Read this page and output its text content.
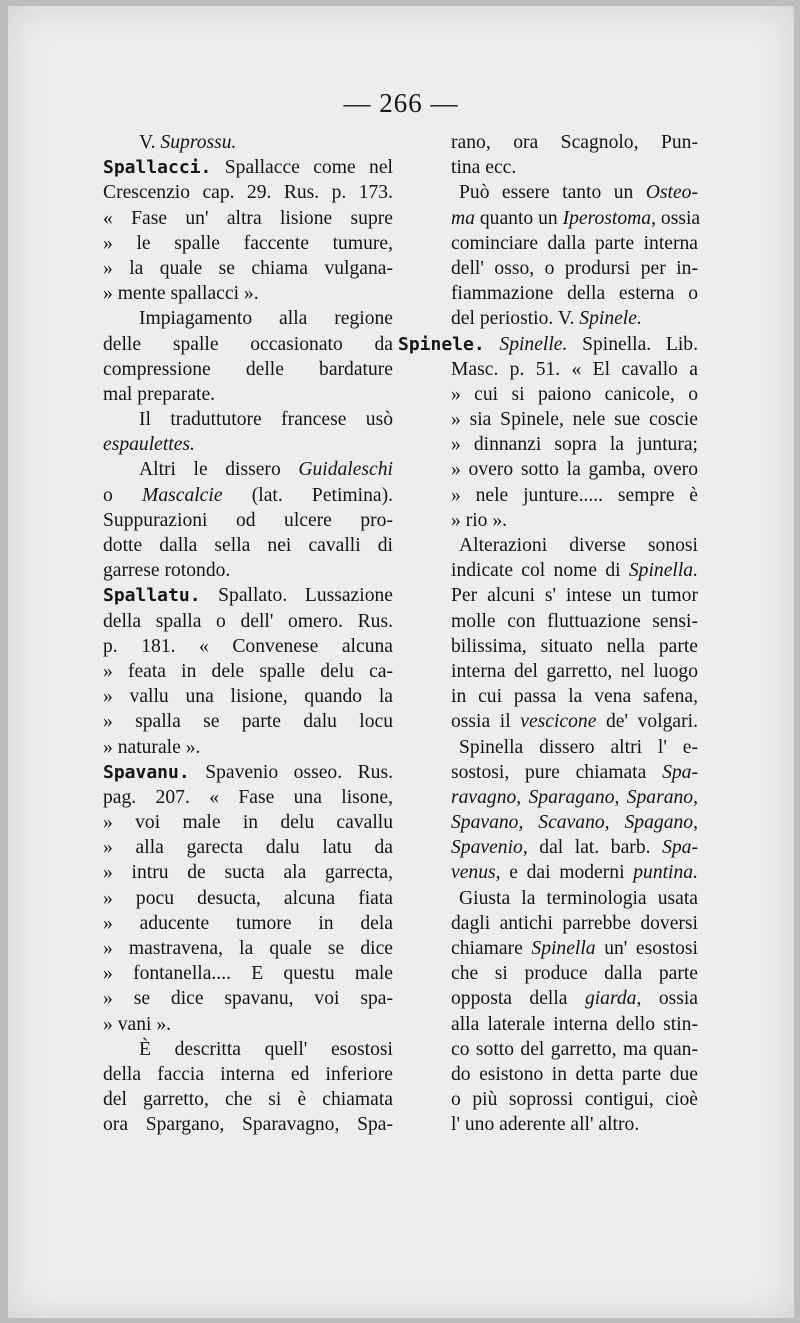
— 266 —
V. Suprossu.
Spallacci. Spallacce come nel
Crescenzio cap. 29. Rus. p. 173.
« Fase un' altra lisione supre
» le spalle faccente tumure,
» la quale se chiama vulgana-
» mente spallacci ».
Impiagamento alla regione
delle spalle occasionato da
compressione delle bardature
mal preparate.
Il traduttutore francese usò
espaulettes.
Altri le dissero Guidaleschi
o Mascalcie (lat. Petimina).
Suppurazioni od ulcere pro-
dotte dalla sella nei cavalli di
garrese rotondo.
Spallatu. Spallato. Lussazione
della spalla o dell' omero. Rus.
p. 181. « Convenese alcuna
» feata in dele spalle delu ca-
» vallu una lisione, quando la
» spalla se parte dalu locu
» naturale ».
Spavanu. Spavenio osseo. Rus.
pag. 207. « Fase una lisone,
» voi male in delu cavallu
» alla garecta dalu latu da
» intru de sucta ala garrecta,
» pocu desucta, alcuna fiata
» aducente tumore in dela
» mastravena, la quale se dice
» fontanella.... E questu male
» se dice spavanu, voi spa-
» vani ».
È descritta quell' esostosi
della faccia interna ed inferiore
del garretto, che si è chiamata
ora Spargano, Sparavagno, Spa-
rano, ora Scagnolo, Pun-
tina ecc.
Può essere tanto un Osteo-
ma quanto un Iperostoma, ossia
cominciare dalla parte interna
dell' osso, o prodursi per in-
fiammazione della esterna o
del periostio. V. Spinele.
Spinele. Spinelle. Spinella. Lib.
Masc. p. 51. « El cavallo a
» cui si paiono canicole, o
» sia Spinele, nele sue coscie
» dinnanzi sopra la juntura;
» overo sotto la gamba, overo
» nele junture..... sempre è
» rio ».
Alterazioni diverse sonosi
indicate col nome di Spinella.
Per alcuni s' intese un tumor
molle con fluttuazione sensi-
bilissima, situato nella parte
interna del garretto, nel luogo
in cui passa la vena safena,
ossia il vescicone de' volgari.
Spinella dissero altri l' e-
sostosi, pure chiamata Spa-
ravagno, Sparagano, Sparano,
Spavano, Scavano, Spagano,
Spavenio, dal lat. barb. Spa-
venus, e dai moderni puntina.
Giusta la terminologia usata
dagli antichi parrebbe doversi
chiamare Spinella un' esostosi
che si produce dalla parte
opposta della giarda, ossia
alla laterale interna dello stin-
co sotto del garretto, ma quan-
do esistono in detta parte due
o più soprossi contigui, cioè
l' uno aderente all' altro.
